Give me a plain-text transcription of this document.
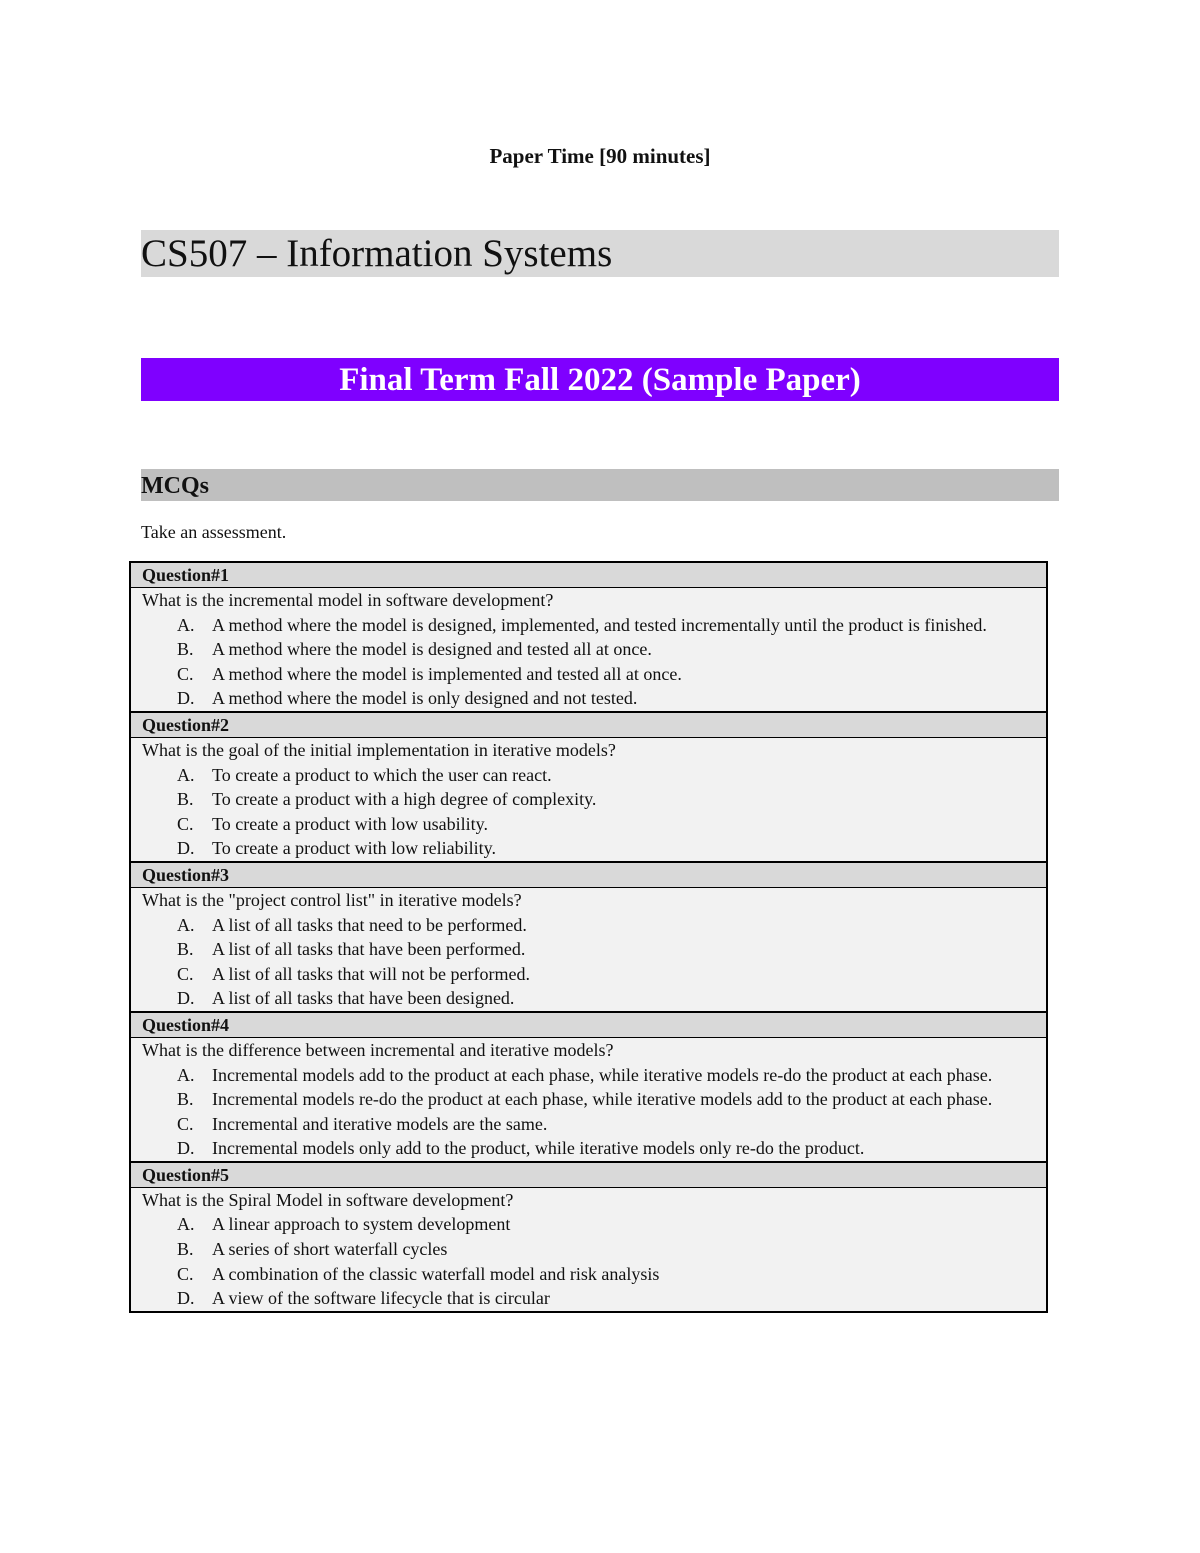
Paper Time [90 minutes]
CS507 – Information Systems
Final Term Fall 2022 (Sample Paper)
MCQs
Take an assessment.
Question#1
What is the incremental model in software development?
A. A method where the model is designed, implemented, and tested incrementally until the product is finished.
B.	A method where the model is designed and tested all at once.
C.	A method where the model is implemented and tested all at once.
D. A method where the model is only designed and not tested.
Question#2
What is the goal of the initial implementation in iterative models?
A. To create a product to which the user can react.
B.	To create a product with a high degree of complexity.
C.	To create a product with low usability.
D. To create a product with low reliability.
Question#3
What is the "project control list" in iterative models?
A. A list of all tasks that need to be performed.
B.	A list of all tasks that have been performed.
C.	A list of all tasks that will not be performed.
D. A list of all tasks that have been designed.
Question#4
What is the difference between incremental and iterative models?
A. Incremental models add to the product at each phase, while iterative models re-do the product at each phase.
B.	Incremental models re-do the product at each phase, while iterative models add to the product at each phase.
C.	Incremental and iterative models are the same.
D. Incremental models only add to the product, while iterative models only re-do the product.
Question#5
What is the Spiral Model in software development?
A. A linear approach to system development
B.	A series of short waterfall cycles
C.	A combination of the classic waterfall model and risk analysis
D. A view of the software lifecycle that is circular
